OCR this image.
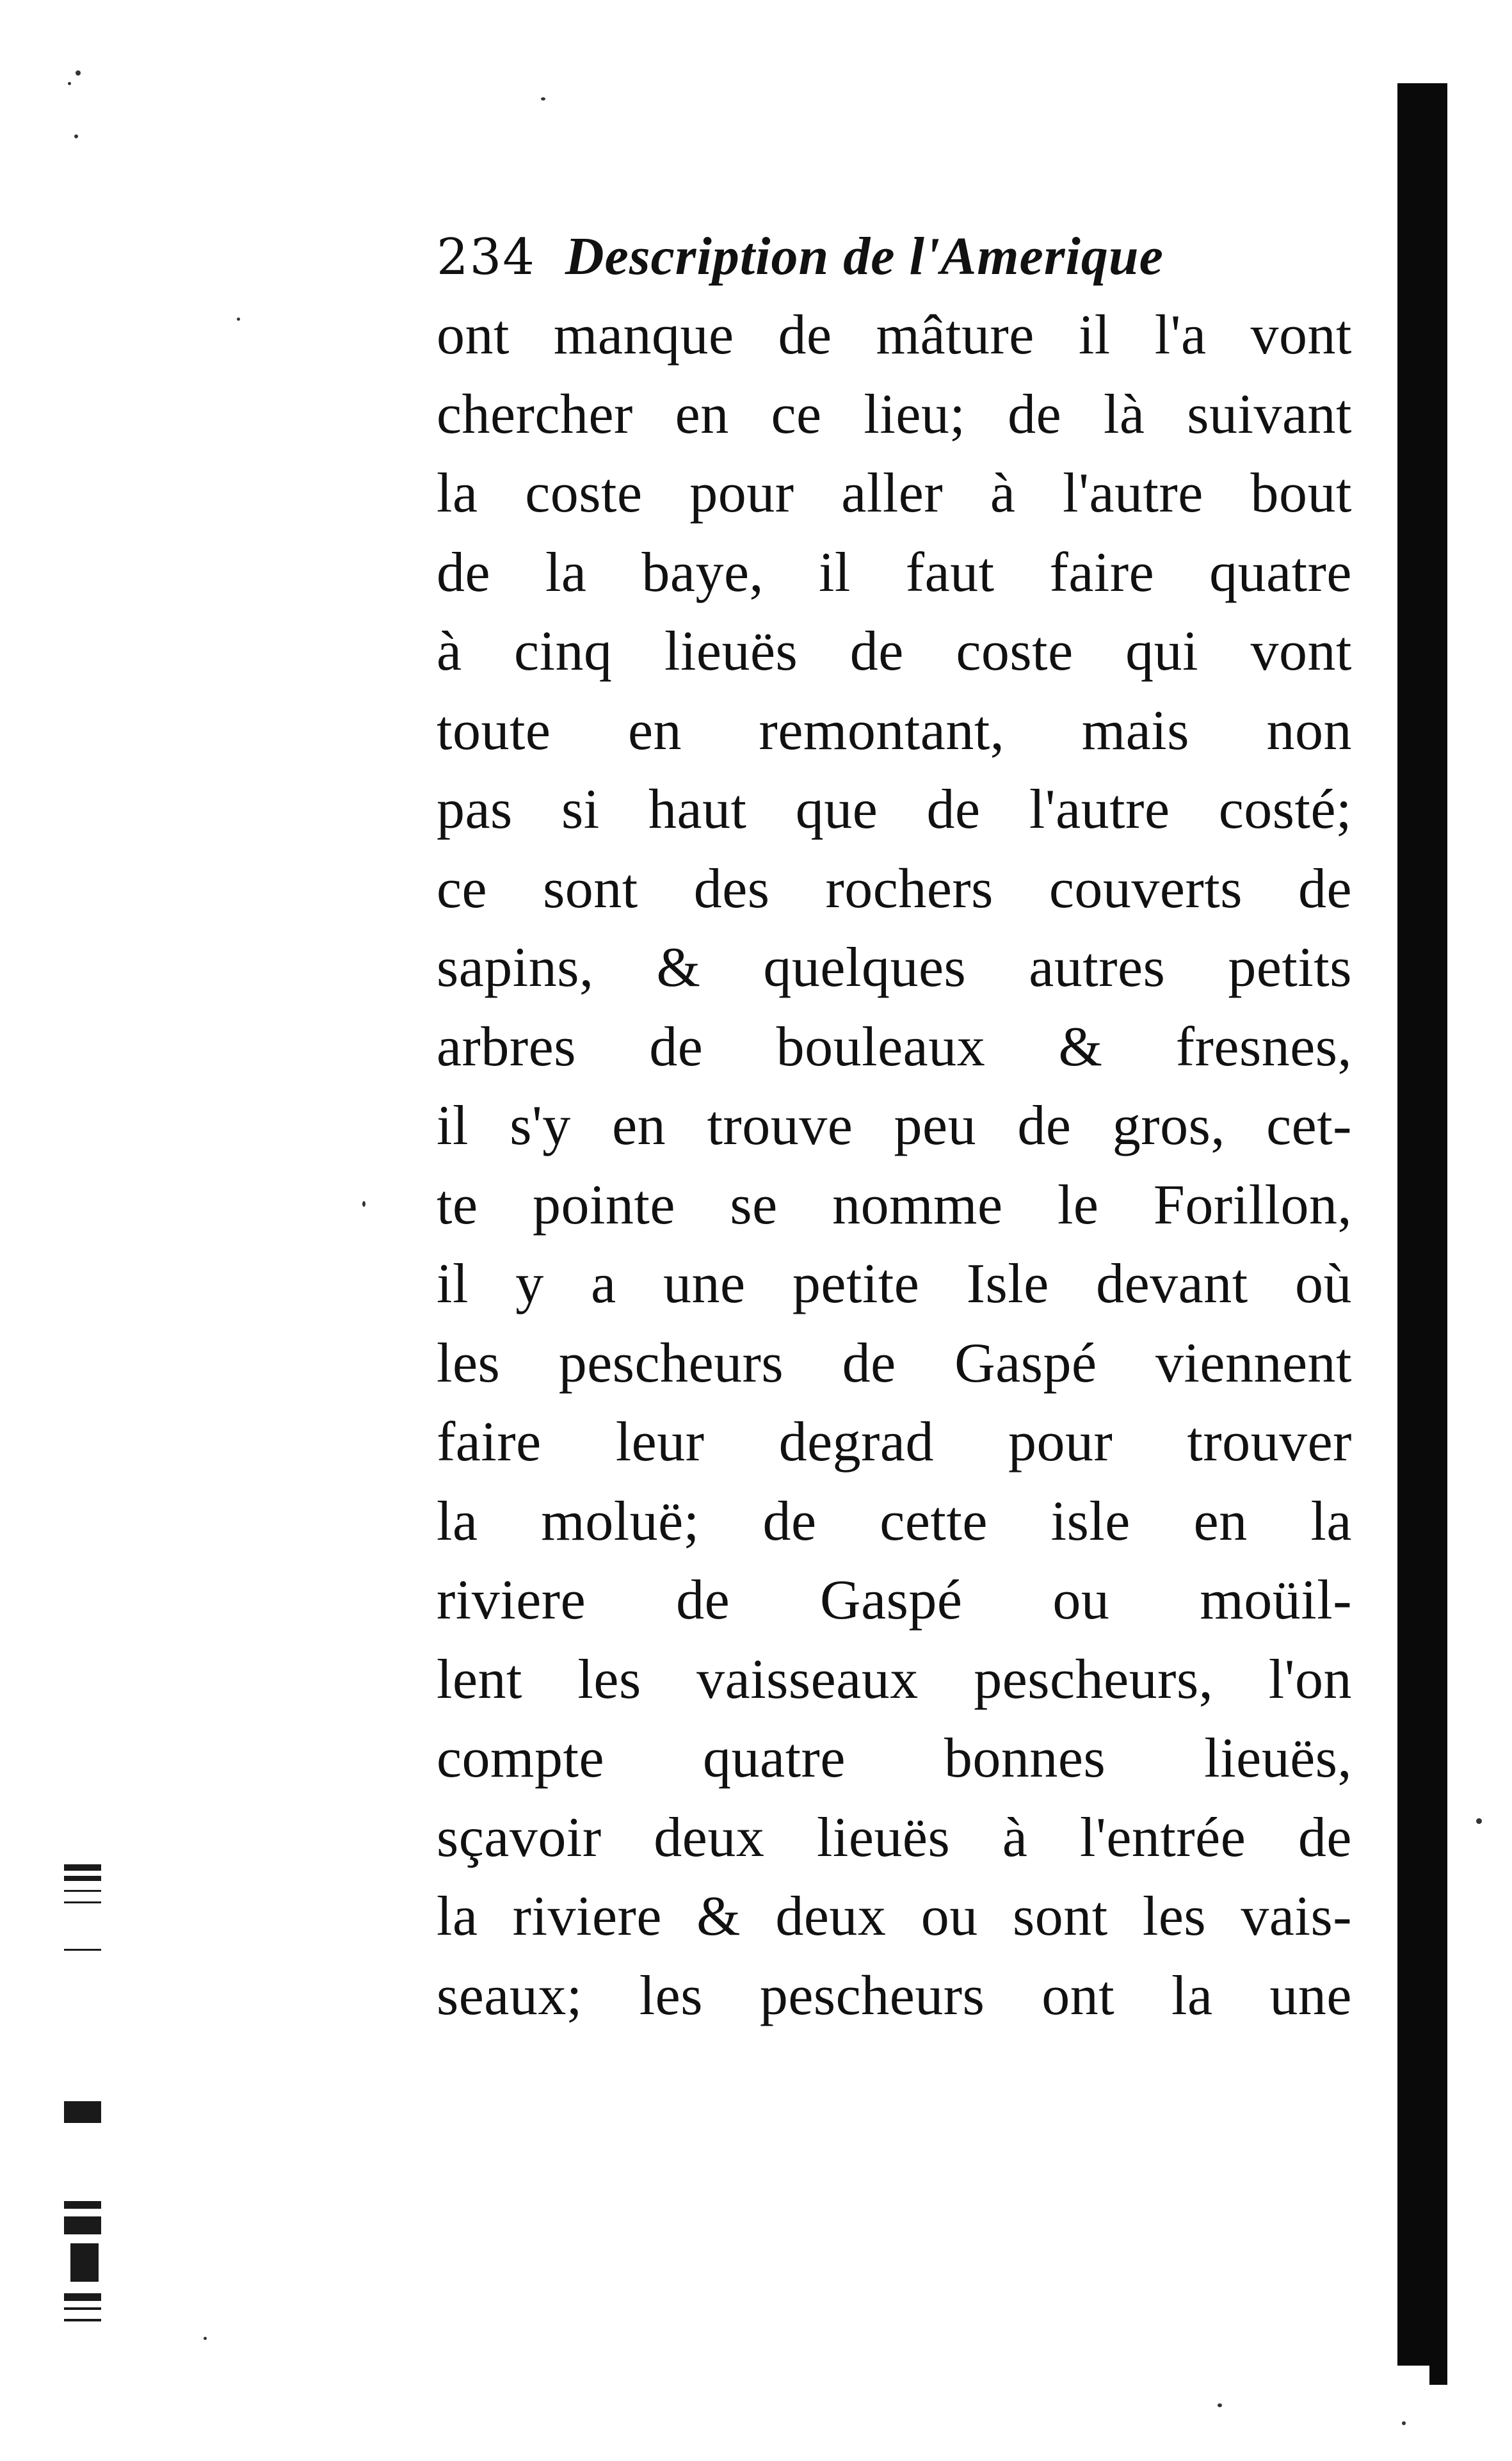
234 Description de l'Amerique
ont manque de mâture il l'a vont
chercher en ce lieu; de là suivant
la coste pour aller à l'autre bout
de la baye, il faut faire quatre
à cinq lieuës de coste qui vont
toute en remontant, mais non
pas si haut que de l'autre costé;
ce sont des rochers couverts de
sapins, & quelques autres petits
arbres de bouleaux & fresnes,
il s'y en trouve peu de gros, cet-
te pointe se nomme le Forillon,
il y a une petite Isle devant où
les pescheurs de Gaspé viennent
faire leur degrad pour trouver
la moluë; de cette isle en la
riviere de Gaspé ou moüil-
lent les vaisseaux pescheurs, l'on
compte quatre bonnes lieuës,
sçavoir deux lieuës à l'entrée de
la riviere & deux ou sont les vais-
seaux; les pescheurs ont la une
